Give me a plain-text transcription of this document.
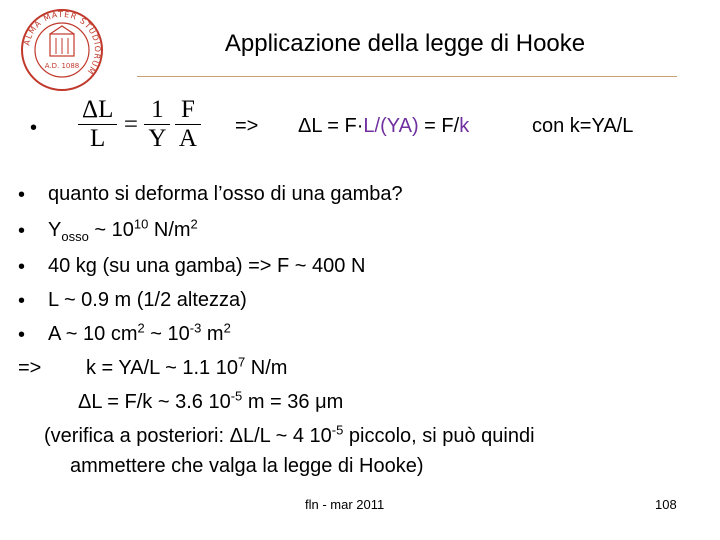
ALMA MATER STUDIORUM
A.D. 1088
Applicazione della legge di Hooke
• $\frac{\Delta L}{L} = \frac{1}{Y}$
$\frac{F}{A} => \Delta L = F\cdot L/(YA) = F/k$	con k=YA/L
• quanto si deforma l’osso di una gamba?
• $Y_{osso}$ ~ $10^{10}$ $N/m^2$
• 40 kg (su una gamba) => F ~ 400 N
• L ~ 0.9 m (1/2 altezza)
• A ~ 10 $cm^2$ ~ $10^{-3}$ $m^2$
=> k = YA/L ~ 1.1 $10^7$ N/m
ΔL = F/k ~ 3.6 $10^{-5}$ m = 36 μm
(verifica a posteriori: ΔL/L ~ 4 $10^{-5}$ piccolo, si può quindi
ammettere che valga la legge di Hooke)
fln - mar 2011	108
